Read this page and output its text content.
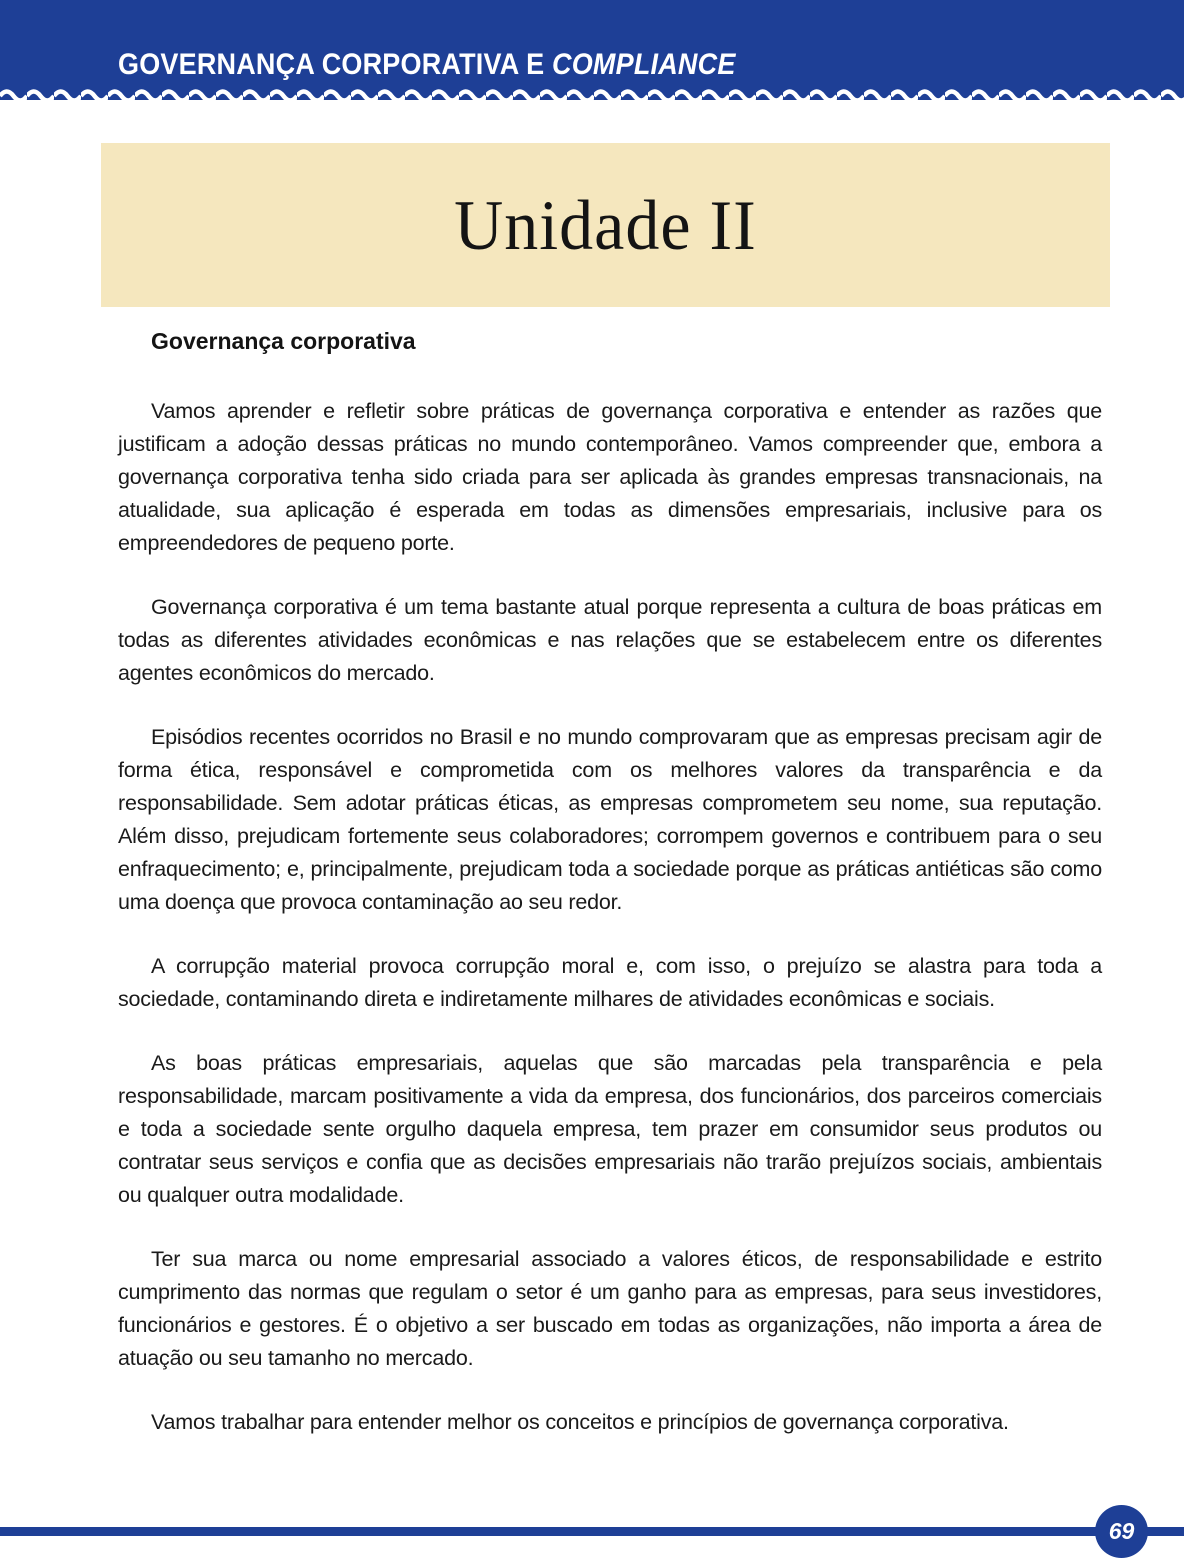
GOVERNANÇA CORPORATIVA E COMPLIANCE
Unidade II
Governança corporativa

Vamos aprender e refletir sobre práticas de governança corporativa e entender as razões que justificam a adoção dessas práticas no mundo contemporâneo. Vamos compreender que, embora a governança corporativa tenha sido criada para ser aplicada às grandes empresas transnacionais, na atualidade, sua aplicação é esperada em todas as dimensões empresariais, inclusive para os empreendedores de pequeno porte.

Governança corporativa é um tema bastante atual porque representa a cultura de boas práticas em todas as diferentes atividades econômicas e nas relações que se estabelecem entre os diferentes agentes econômicos do mercado.

Episódios recentes ocorridos no Brasil e no mundo comprovaram que as empresas precisam agir de forma ética, responsável e comprometida com os melhores valores da transparência e da responsabilidade. Sem adotar práticas éticas, as empresas comprometem seu nome, sua reputação. Além disso, prejudicam fortemente seus colaboradores; corrompem governos e contribuem para o seu enfraquecimento; e, principalmente, prejudicam toda a sociedade porque as práticas antiéticas são como uma doença que provoca contaminação ao seu redor.

A corrupção material provoca corrupção moral e, com isso, o prejuízo se alastra para toda a sociedade, contaminando direta e indiretamente milhares de atividades econômicas e sociais.

As boas práticas empresariais, aquelas que são marcadas pela transparência e pela responsabilidade, marcam positivamente a vida da empresa, dos funcionários, dos parceiros comerciais e toda a sociedade sente orgulho daquela empresa, tem prazer em consumidor seus produtos ou contratar seus serviços e confia que as decisões empresariais não trarão prejuízos sociais, ambientais ou qualquer outra modalidade.

Ter sua marca ou nome empresarial associado a valores éticos, de responsabilidade e estrito cumprimento das normas que regulam o setor é um ganho para as empresas, para seus investidores, funcionários e gestores. É o objetivo a ser buscado em todas as organizações, não importa a área de atuação ou seu tamanho no mercado.

Vamos trabalhar para entender melhor os conceitos e princípios de governança corporativa.

69
